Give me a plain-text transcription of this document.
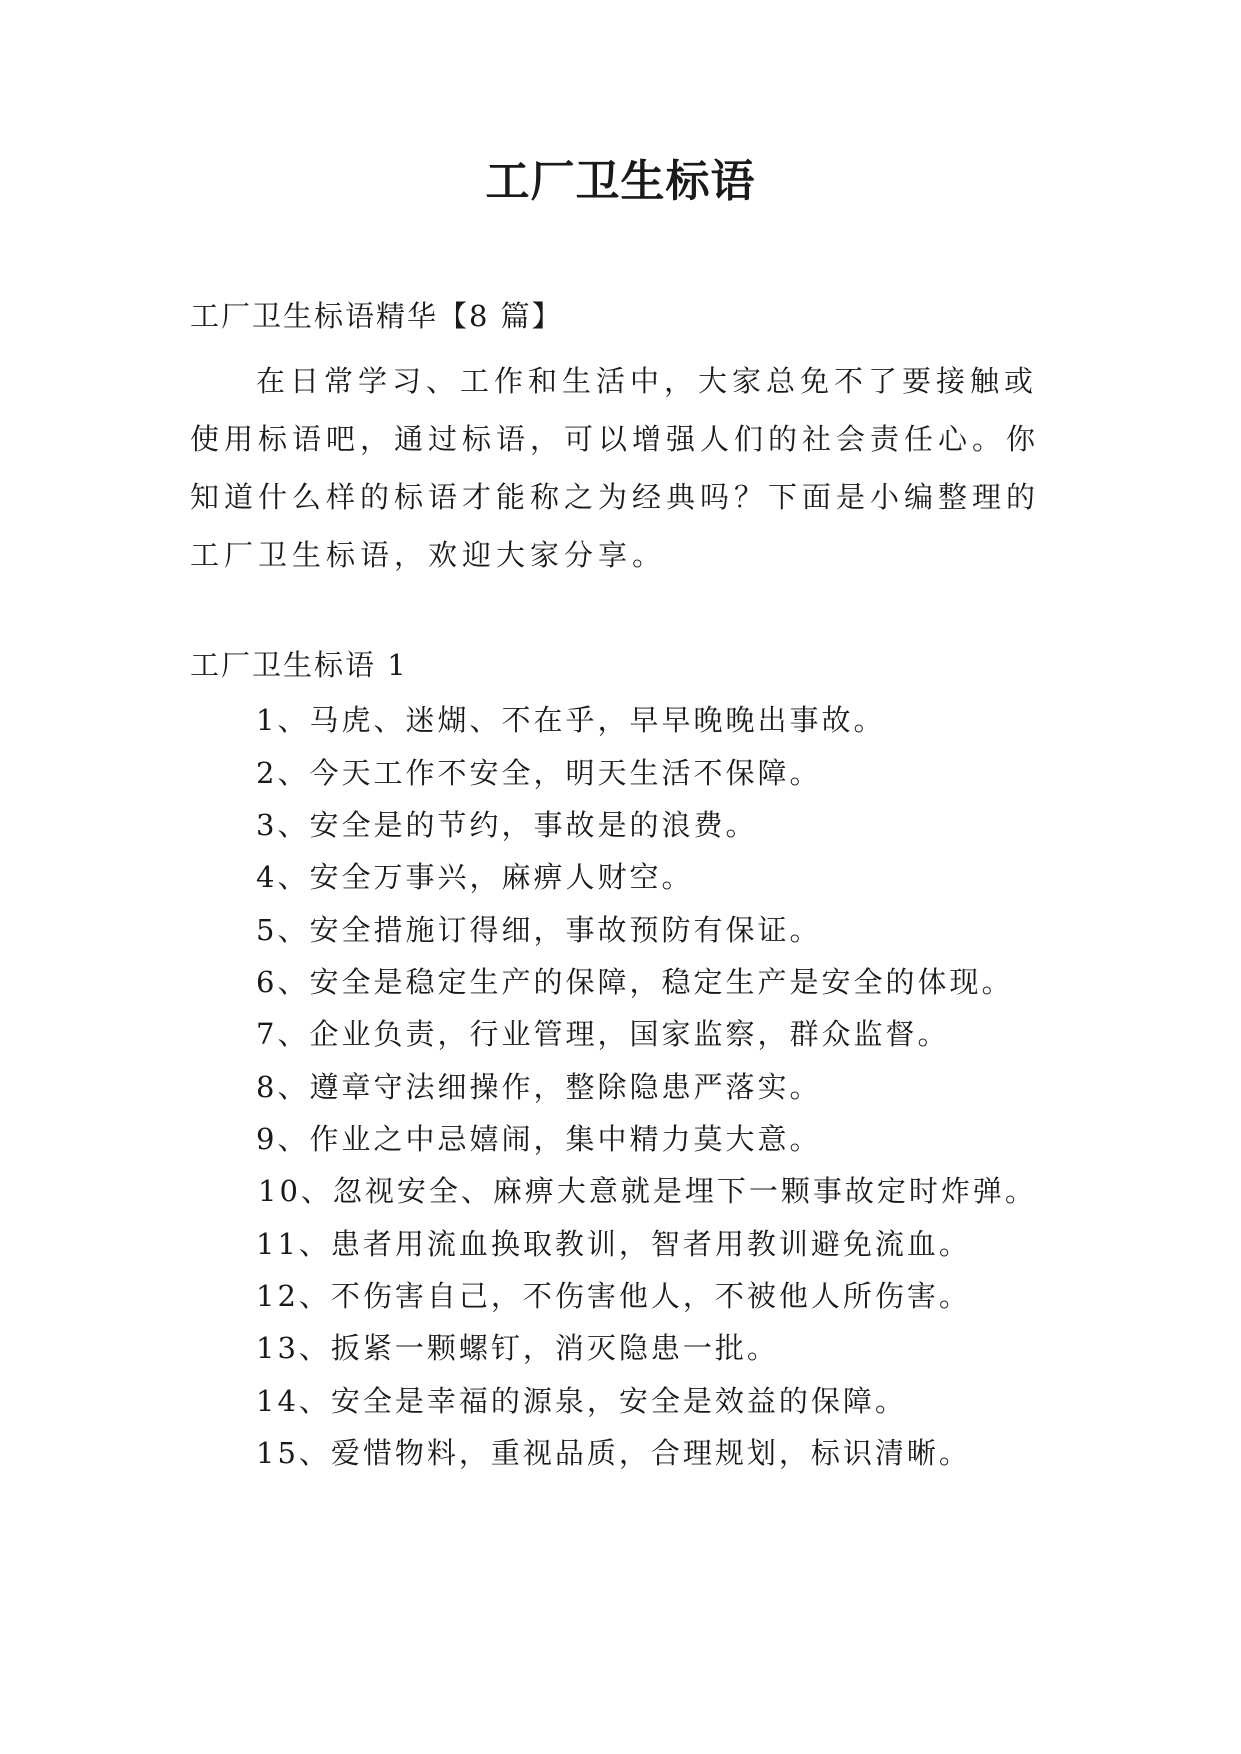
工厂卫生标语
工厂卫生标语精华【8 篇】

在日常学习、工作和生活中，大家总免不了要接触或使用标语吧，通过标语，可以增强人们的社会责任心。你知道什么样的标语才能称之为经典吗？下面是小编整理的工厂卫生标语，欢迎大家分享。

工厂卫生标语 1
1、马虎、迷煳、不在乎，早早晚晚出事故。
2、今天工作不安全，明天生活不保障。
3、安全是的节约，事故是的浪费。
4、安全万事兴，麻痹人财空。
5、安全措施订得细，事故预防有保证。
6、安全是稳定生产的保障，稳定生产是安全的体现。
7、企业负责，行业管理，国家监察，群众监督。
8、遵章守法细操作，整除隐患严落实。
9、作业之中忌嬉闹，集中精力莫大意。
10、忽视安全、麻痹大意就是埋下一颗事故定时炸弹。
11、患者用流血换取教训，智者用教训避免流血。
12、不伤害自己，不伤害他人，不被他人所伤害。
13、扳紧一颗螺钉，消灭隐患一批。
14、安全是幸福的源泉，安全是效益的保障。
15、爱惜物料，重视品质，合理规划，标识清晰。
